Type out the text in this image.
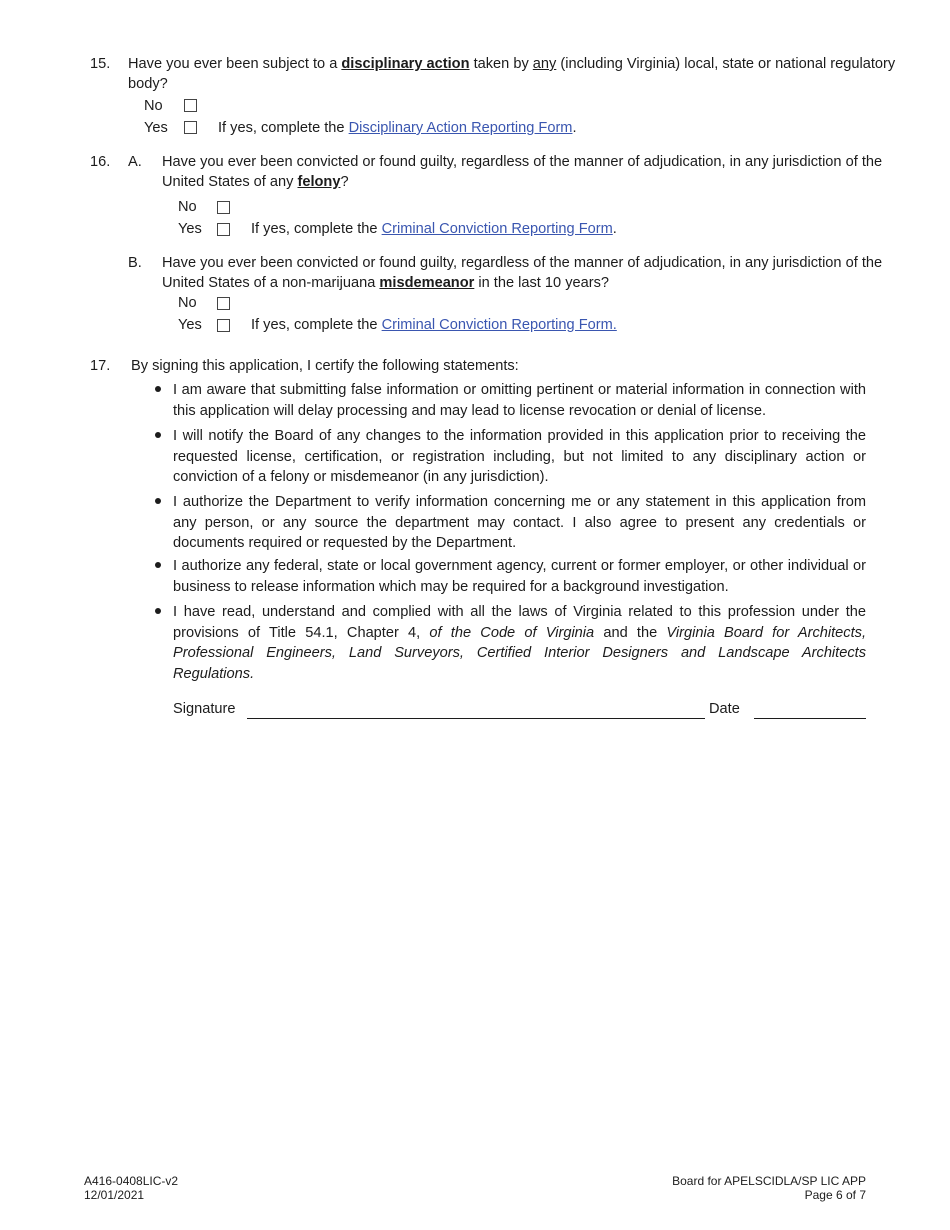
15. Have you ever been subject to a disciplinary action taken by any (including Virginia) local, state or national regulatory
body?
No
Yes	If yes, complete the Disciplinary Action Reporting Form.
16. A. Have you ever been convicted or found guilty, regardless of the manner of adjudication, in any jurisdiction of the
United States of any felony?
No
Yes	If yes, complete the Criminal Conviction Reporting Form.
B. Have you ever been convicted or found guilty, regardless of the manner of adjudication, in any jurisdiction of the
United States of a non-marijuana misdemeanor in the last 10 years?
No
Yes	If yes, complete the Criminal Conviction Reporting Form.
17. By signing this application, I certify the following statements:
I am aware that submitting false information or omitting pertinent or material information in connection with this application will delay processing and may lead to license revocation or denial of license.
I will notify the Board of any changes to the information provided in this application prior to receiving the requested license, certification, or registration including, but not limited to any disciplinary action or conviction of a felony or misdemeanor (in any jurisdiction).
I authorize the Department to verify information concerning me or any statement in this application from any person, or any source the department may contact. I also agree to present any credentials or documents required or requested by the Department.
I authorize any federal, state or local government agency, current or former employer, or other individual or business to release information which may be required for a background investigation.
I have read, understand and complied with all the laws of Virginia related to this profession under the provisions of Title 54.1, Chapter 4, of the Code of Virginia and the Virginia Board for Architects, Professional Engineers, Land Surveyors, Certified Interior Designers and Landscape Architects Regulations.
Signature	Date
A416-0408LIC-v2
12/01/2021
Board for APELSCIDLA/SP LIC APP
Page 6 of 7
